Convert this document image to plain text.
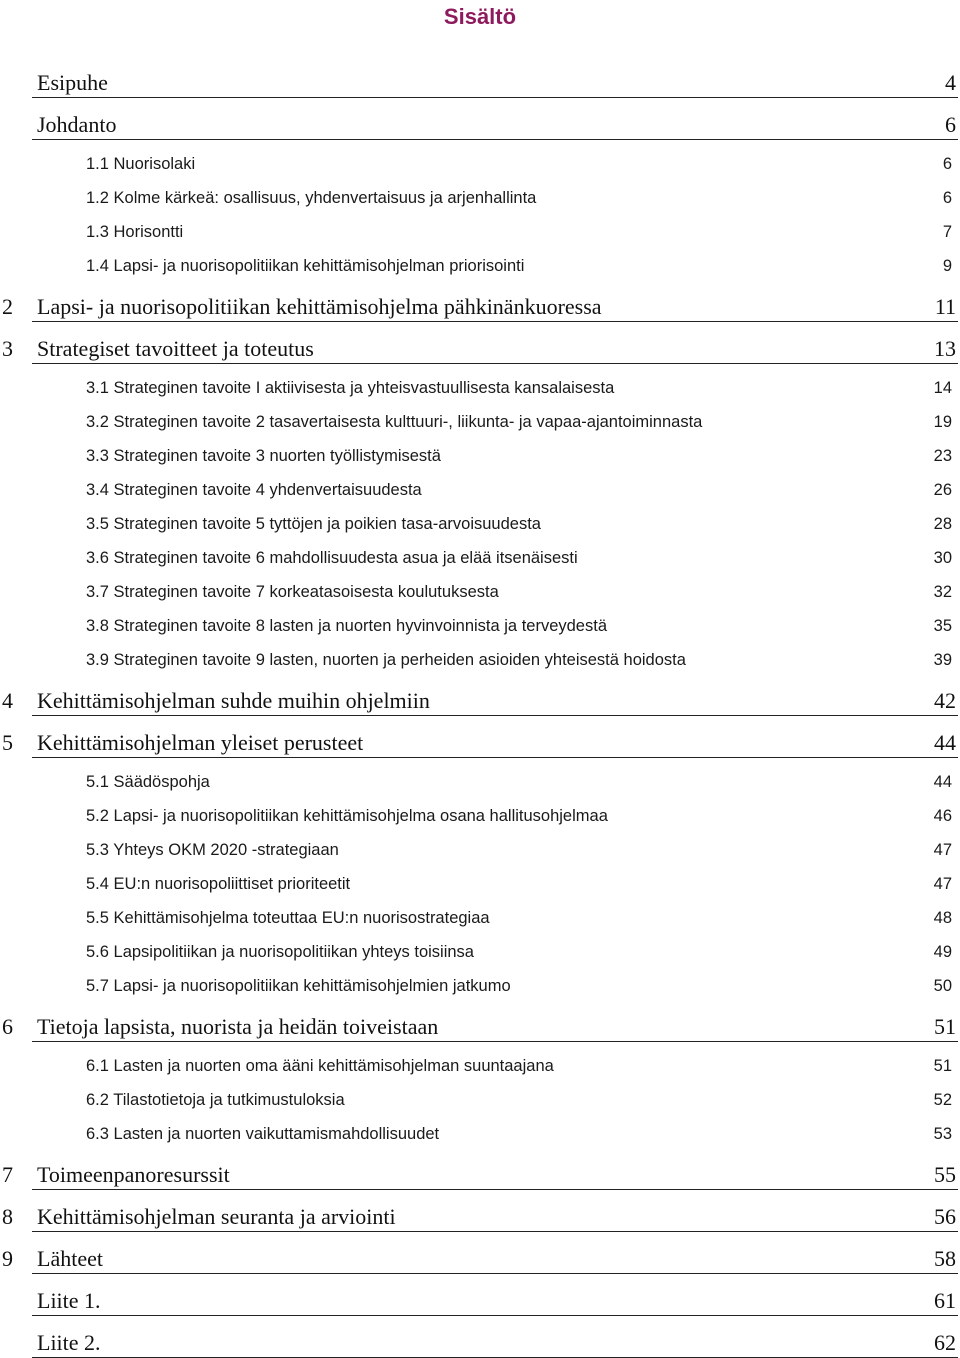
Sisältö
Esipuhe	4
Johdanto	6
1.1 Nuorisolaki	6
1.2 Kolme kärkeä: osallisuus, yhdenvertaisuus ja arjenhallinta	6
1.3 Horisontti	7
1.4 Lapsi- ja nuorisopolitiikan kehittämisohjelman priorisointi	9
2	Lapsi- ja nuorisopolitiikan kehittämisohjelma pähkinänkuoressa	11
3	Strategiset tavoitteet ja toteutus	13
3.1 Strateginen tavoite I aktiivisesta ja yhteisvastuullisesta kansalaisesta	14
3.2 Strateginen tavoite 2 tasavertaisesta kulttuuri-, liikunta- ja vapaa-ajantoiminnasta	19
3.3 Strateginen tavoite 3 nuorten työllistymisestä	23
3.4 Strateginen tavoite 4 yhdenvertaisuudesta	26
3.5 Strateginen tavoite 5 tyttöjen ja poikien tasa-arvoisuudesta	28
3.6 Strateginen tavoite 6 mahdollisuudesta asua ja elää itsenäisesti	30
3.7 Strateginen tavoite 7 korkeatasoisesta koulutuksesta	32
3.8 Strateginen tavoite 8 lasten ja nuorten hyvinvoinnista ja terveydestä	35
3.9 Strateginen tavoite 9 lasten, nuorten ja perheiden asioiden yhteisestä hoidosta	39
4	Kehittämisohjelman suhde muihin ohjelmiin	42
5	Kehittämisohjelman yleiset perusteet	44
5.1 Säädöspohja	44
5.2 Lapsi- ja nuorisopolitiikan kehittämisohjelma osana hallitusohjelmaa	46
5.3 Yhteys OKM 2020 -strategiaan	47
5.4 EU:n nuorisopoliittiset prioriteetit	47
5.5 Kehittämisohjelma toteuttaa EU:n nuorisostrategiaa	48
5.6 Lapsipolitiikan ja nuorisopolitiikan yhteys toisiinsa	49
5.7 Lapsi- ja nuorisopolitiikan kehittämisohjelmien jatkumo	50
6	Tietoja lapsista, nuorista ja heidän toiveistaan	51
6.1 Lasten ja nuorten oma ääni kehittämisohjelman suuntaajana	51
6.2 Tilastotietoja ja tutkimustuloksia	52
6.3 Lasten ja nuorten vaikuttamismahdollisuudet	53
7	Toimeenpanoresurssit	55
8	Kehittämisohjelman seuranta ja arviointi	56
9	Lähteet	58
Liite 1.	61
Liite 2.	62
